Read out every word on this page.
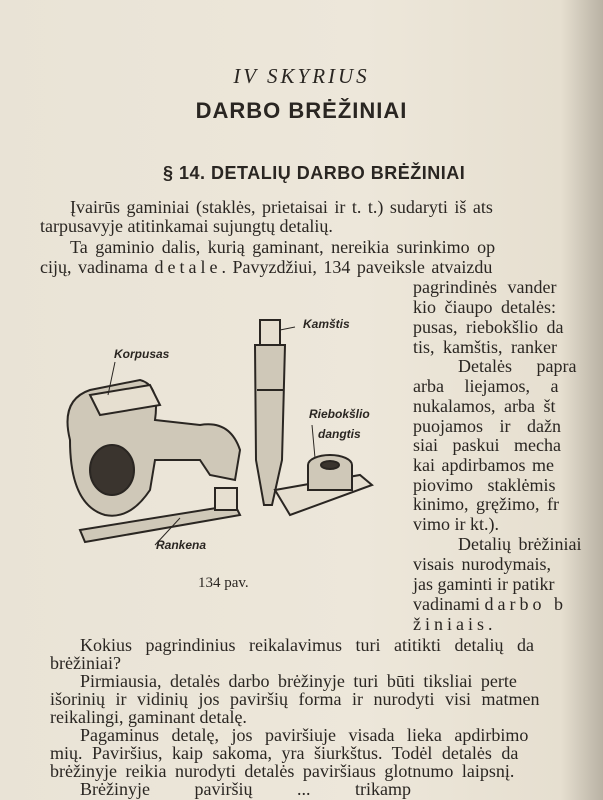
IV SKYRIUS
DARBO BRĖŽINIAI
§ 14. DETALIŲ DARBO BRĖŽINIAI
Įvairūs gaminiai (staklės, prietaisai ir t. t.) sudaryti iš ats
tarpusavyje atitinkamai sujungtų detalių.
Ta gaminio dalis, kurią gaminant, nereikia surinkimo op
cijų, vadinama detale. Pavyzdžiui, 134 paveiksle atvaizdu
pagrindinės vander
kio čiaupo detalės:
pusas, riebokšlio da
tis, kamštis, ranker
Detalės papra
arba liejamos, a
nukalamos, arba št
puojamos ir dažn
siai paskui mecha
kai apdirbamos me
piovimo staklėmis
kinimo, gręžimo, fr
vimo ir kt.).
Detalių brėžiniai
visais nurodymais,
jas gaminti ir patikr
vadinami darbo b
žiniais.
Korpusas
Kamštis
Riebokšlio
dangtis
Rankena
134 pav.
Kokius pagrindinius reikalavimus turi atitikti detalių da
brėžiniai?
Pirmiausia, detalės darbo brėžinyje turi būti tiksliai perte
išorinių ir vidinių jos paviršių forma ir nurodyti visi matmen
reikalingi, gaminant detalę.
Pagaminus detalę, jos paviršiuje visada lieka apdirbimo
mių. Paviršius, kaip sakoma, yra šiurkštus. Todėl detalės da
brėžinyje reikia nurodyti detalės paviršiaus glotnumo laipsnį.
Brėžinyje paviršių ... trikamp
